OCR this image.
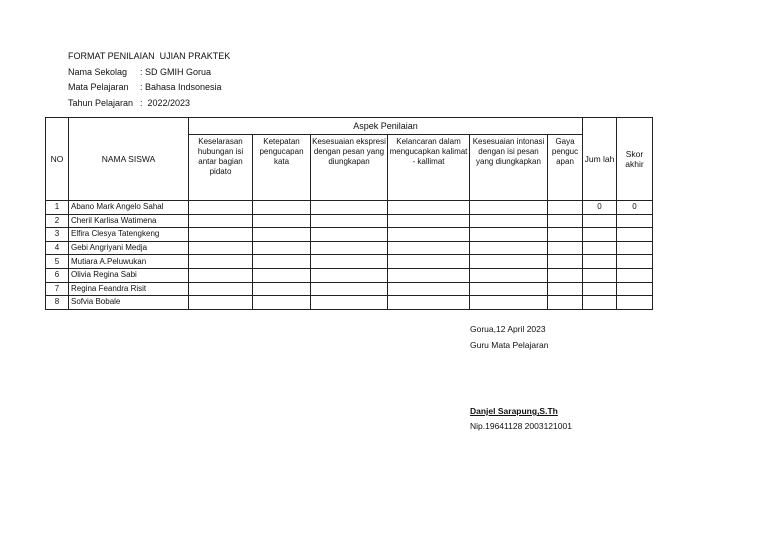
FORMAT PENILAIAN  UJIAN PRAKTEK
Nama Sekolag : SD GMIH Gorua
Mata Pelajaran : Bahasa Indsonesia
Tahun Pelajaran :  2022/2023
NO	NAMA SISWA	Aspek Penilaian						Jum lah	Skor akhir
		Keselarasan hubungan isi antar bagian pidato	Ketepatan pengucapan kata	Kesesuaian ekspresi dengan pesan yang diungkapan	Kelancaran dalam mengucapkan kalimat - kallimat	Kesesuaian intonasi dengan isi pesan yang diungkapkan	Gaya penguc apan		
1	Abano Mark Angelo Sahal							0	0
2	Cheril Karlisa Watimena								
3	Elfira Clesya Tatengkeng								
4	Gebi Angriyani Medja								
5	Mutiara A.Peluwukan								
6	Olivia Regina Sabi								
7	Regina Feandra Risit								
8	Sofvia Bobale								
Gorua,12 April 2023
Guru Mata Pelajaran
Danjel Sarapung,S.Th
Nip.19641128 2003121001
